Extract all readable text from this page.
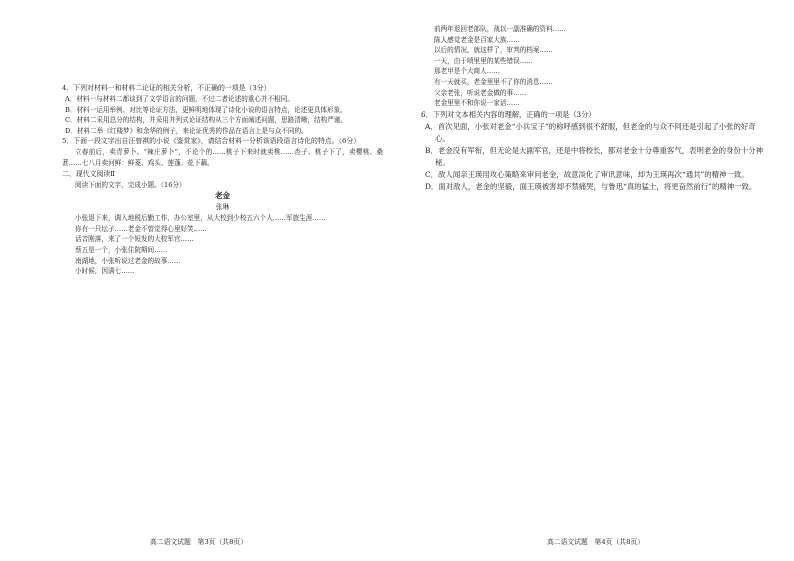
4．下列对材料一和材料二论证的相关分析，不正确的一项是（3分）

A．材料一与材料二都谈到了文学语言的问题，不过二者论述的重心并不相同。

B．材料一运用举例、对比等论证方法，更鲜明地体现了诗化小说的语言特点，论述更具体形象。

C．材料二采用总分的结构，并采用并列式论证结构从三个方面阐述问题，思路清晰，结构严谨。

D．材料二举《红楼梦》和余华的例子，来论证优秀的作品在语言上是与众不同的。

5．下面一段文字出自汪曾祺的小说《鉴赏家》，请结合材料一分析该语段语言诗化的特点。（6分）

立春前后，卖青萝卜。“辣庄萝卜”，不论个的……桃子下来时就卖桃……杏子、桃子下了，卖樱桃、桑葚……七八月卖河鲜：鲜菱、鸡头、莲蓬、花下藕。

二、现代文阅读Ⅱ

阅读下面的文字，完成小题。（16分）

老金

张琳

小张退下来，调入地税后勤工作，办公室里，从大校到少校五六个人……军旅生涯……

你有一只坛子……老金不曾觉得心里好笑……

话音刚落，来了一个短发的大校军官……

蔡五是一个，小张住院期间……

南湖地，小张听说过老金的故事……

小时候，因满七……

高二语文试题　第3页（共8页）

前两年退回老部队，战以一副准确的资料……

陈人感觉老金是百家大族……

以后的情况，就这样了，审判的档案……

一天，由于喷里里的某些错误……

那老甲是个大商人……

有一天就买，老金里里不了你的消息……

父亲老张，听说老金做的事……

老金里里不和你说一家话……

6．下列对文本相关内容的理解，正确的一项是（3分）

A．首次见面，小张对老金“小兵宝子”的称呼感到很不舒服，但老金的与众不同还是引起了小张的好奇心。

B．老金没有军衔，但无论是大副军官，还是中将校长，都对老金十分尊重客气，表明老金的身份十分神秘。

C．敌人闻亲王瑛用攻心策略来审问老金，故意淡化了审讯意味，却为王瑛再次“通共”的精神一致。

D．面对敌人，老金的坚毅，面王瑛被害却不禁痛哭，与鲁迅“真的猛士，将更奋然前行”的精神一致。

高二语文试题　第4页（共8页）
